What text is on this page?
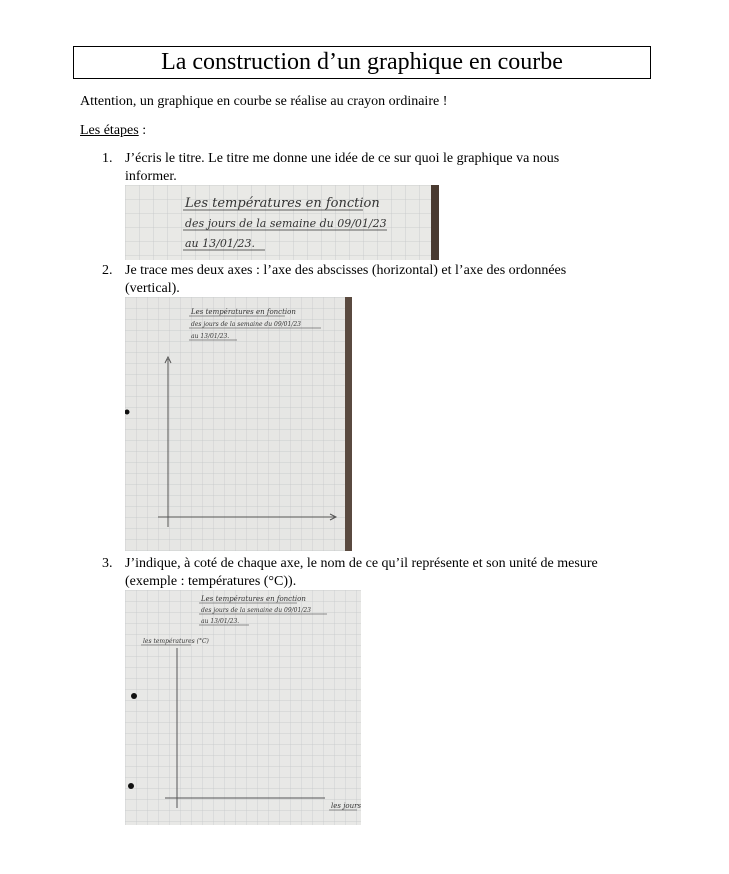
La construction d’un graphique en courbe
Attention, un graphique en courbe se réalise au crayon ordinaire !
Les étapes :
1. J’écris le titre. Le titre me donne une idée de ce sur quoi le graphique va nous
informer.
Les températures en fonction
des jours de la semaine du 09/01/23
au 13/01/23.
2. Je trace mes deux axes : l’axe des abscisses (horizontal) et l’axe des ordonnées
(vertical).
Les températures en fonction
des jours de la semaine du 09/01/23
au 13/01/23.
3. J’indique, à coté de chaque axe, le nom de ce qu’il représente et son unité de mesure
(exemple : températures (°C)).
Les températures en fonction
des jours de la semaine du 09/01/23
au 13/01/23.
les températures (°C)
les jours
